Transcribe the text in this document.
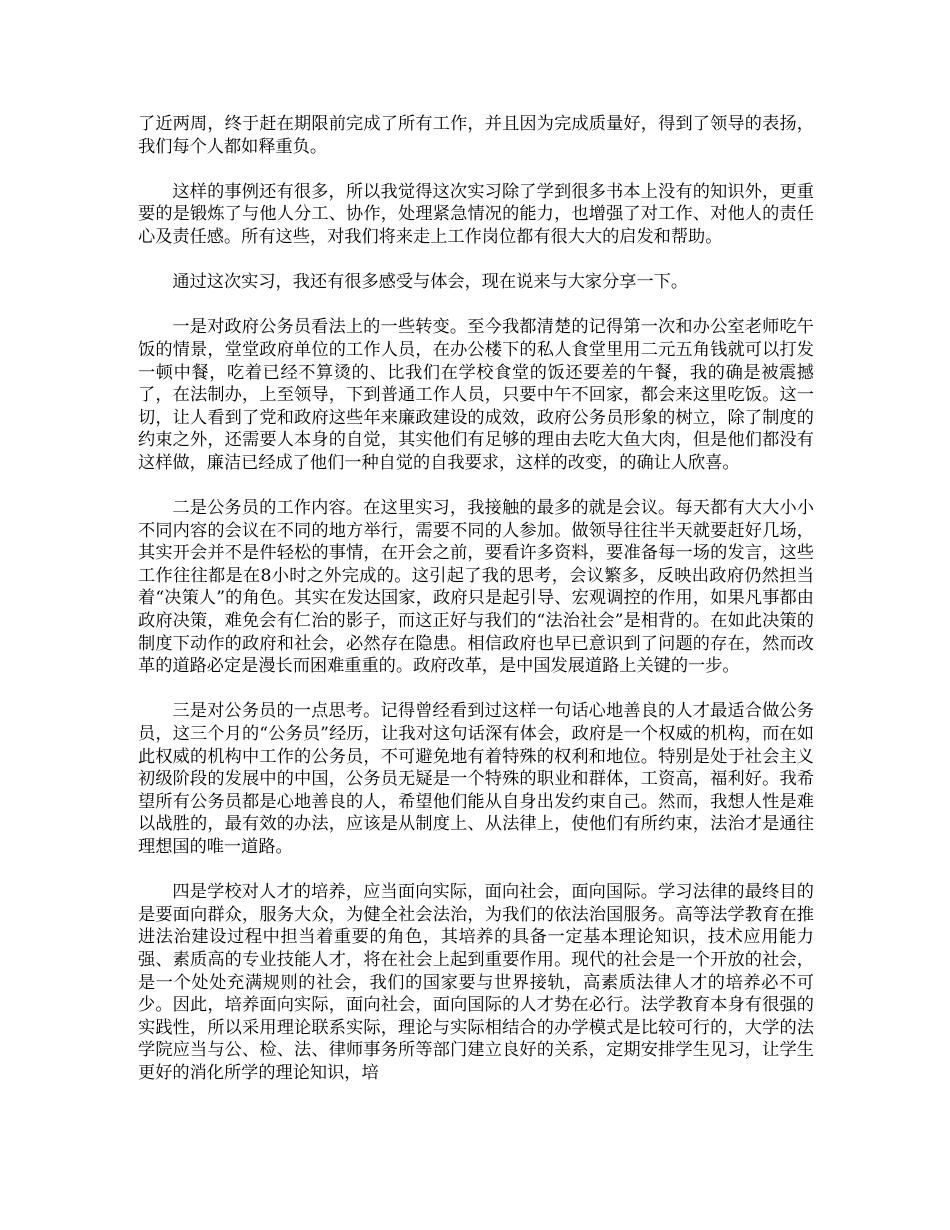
了近两周，终于赶在期限前完成了所有工作，并且因为完成质量好，得到了领导的表扬，我们每个人都如释重负。

这样的事例还有很多，所以我觉得这次实习除了学到很多书本上没有的知识外，更重要的是锻炼了与他人分工、协作，处理紧急情况的能力，也增强了对工作、对他人的责任心及责任感。所有这些，对我们将来走上工作岗位都有很大大的启发和帮助。

通过这次实习，我还有很多感受与体会，现在说来与大家分享一下。

一是对政府公务员看法上的一些转变。至今我都清楚的记得第一次和办公室老师吃午饭的情景，堂堂政府单位的工作人员，在办公楼下的私人食堂里用二元五角钱就可以打发一顿中餐，吃着已经不算烫的、比我们在学校食堂的饭还要差的午餐，我的确是被震撼了，在法制办，上至领导，下到普通工作人员，只要中午不回家，都会来这里吃饭。这一切，让人看到了党和政府这些年来廉政建设的成效，政府公务员形象的树立，除了制度的约束之外，还需要人本身的自觉，其实他们有足够的理由去吃大鱼大肉，但是他们都没有这样做，廉洁已经成了他们一种自觉的自我要求，这样的改变，的确让人欣喜。

二是公务员的工作内容。在这里实习，我接触的最多的就是会议。每天都有大大小小不同内容的会议在不同的地方举行，需要不同的人参加。做领导往往半天就要赶好几场，其实开会并不是件轻松的事情，在开会之前，要看许多资料，要准备每一场的发言，这些工作往往都是在8小时之外完成的。这引起了我的思考，会议繁多，反映出政府仍然担当着“决策人”的角色。其实在发达国家，政府只是起引导、宏观调控的作用，如果凡事都由政府决策，难免会有仁治的影子，而这正好与我们的“法治社会”是相背的。在如此决策的制度下动作的政府和社会，必然存在隐患。相信政府也早已意识到了问题的存在，然而改革的道路必定是漫长而困难重重的。政府改革，是中国发展道路上关键的一步。

三是对公务员的一点思考。记得曾经看到过这样一句话心地善良的人才最适合做公务员，这三个月的“公务员”经历，让我对这句话深有体会，政府是一个权威的机构，而在如此权威的机构中工作的公务员，不可避免地有着特殊的权利和地位。特别是处于社会主义初级阶段的发展中的中国，公务员无疑是一个特殊的职业和群体，工资高，福利好。我希望所有公务员都是心地善良的人，希望他们能从自身出发约束自己。然而，我想人性是难以战胜的，最有效的办法，应该是从制度上、从法律上，使他们有所约束，法治才是通往理想国的唯一道路。

四是学校对人才的培养，应当面向实际，面向社会，面向国际。学习法律的最终目的是要面向群众，服务大众，为健全社会法治，为我们的依法治国服务。高等法学教育在推进法治建设过程中担当着重要的角色，其培养的具备一定基本理论知识，技术应用能力强、素质高的专业技能人才，将在社会上起到重要作用。现代的社会是一个开放的社会，是一个处处充满规则的社会，我们的国家要与世界接轨，高素质法律人才的培养必不可少。因此，培养面向实际，面向社会，面向国际的人才势在必行。法学教育本身有很强的实践性，所以采用理论联系实际，理论与实际相结合的办学模式是比较可行的，大学的法学院应当与公、检、法、律师事务所等部门建立良好的关系，定期安排学生见习，让学生更好的消化所学的理论知识，培
